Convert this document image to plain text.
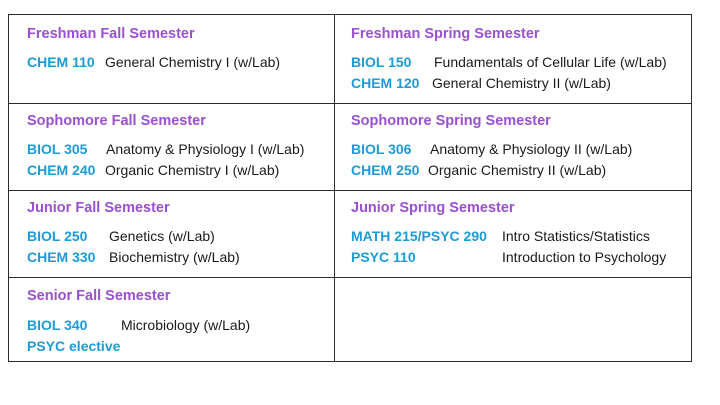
Freshman Fall Semester
CHEM 110 General Chemistry I (w/Lab)
Freshman Spring Semester
BIOL 150 Fundamentals of Cellular Life (w/Lab)
CHEM 120 General Chemistry II (w/Lab)
Sophomore Fall Semester
BIOL 305 Anatomy & Physiology I (w/Lab)
CHEM 240 Organic Chemistry I (w/Lab)
Sophomore Spring Semester
BIOL 306 Anatomy & Physiology II (w/Lab)
CHEM 250 Organic Chemistry II (w/Lab)
Junior Fall Semester
BIOL 250 Genetics (w/Lab)
CHEM 330 Biochemistry (w/Lab)
Junior Spring Semester
MATH 215/PSYC 290 Intro Statistics/Statistics
PSYC 110	Introduction to Psychology
Senior Fall Semester
BIOL 340 Microbiology (w/Lab)
PSYC elective
